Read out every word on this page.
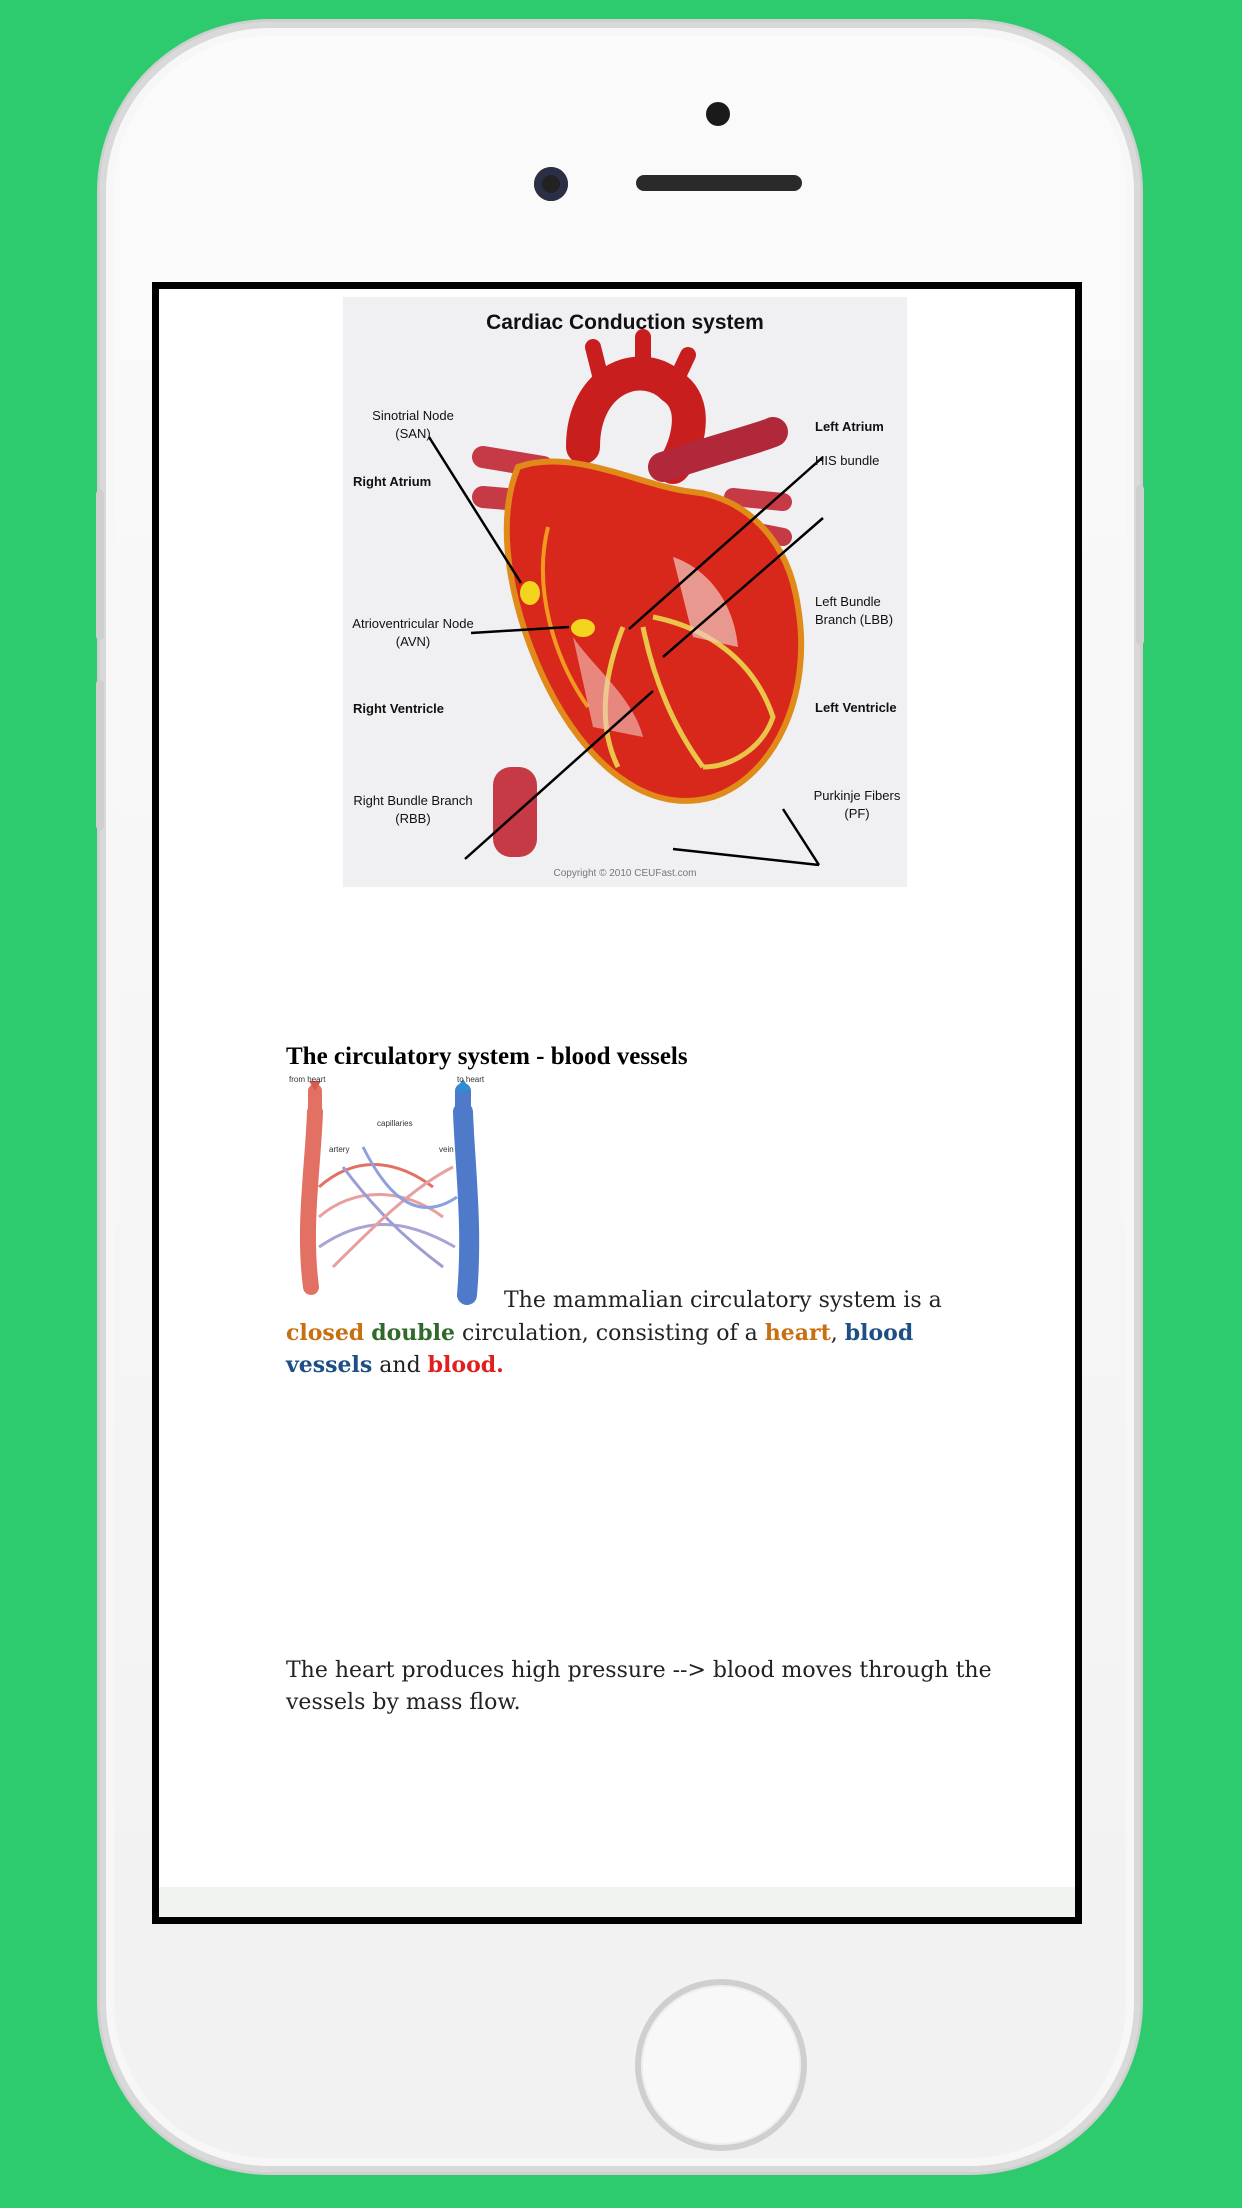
Cardiac Conduction system
Sinotrial Node
(SAN)
Right Atrium
Atrioventricular Node
(AVN)
Right Ventricle
Right Bundle Branch
(RBB)
Left Atrium
HIS bundle
Left Bundle
Branch (LBB)
Left Ventricle
Purkinje Fibers
(PF)
Copyright © 2010 CEUFast.com
The circulatory system - blood vessels
from heart	to heart
capillaries
artery	vein
The mammalian circulatory system is a
closed double circulation, consisting of a heart, blood
vessels and blood.
The heart produces high pressure --> blood moves through the
vessels by mass flow.
